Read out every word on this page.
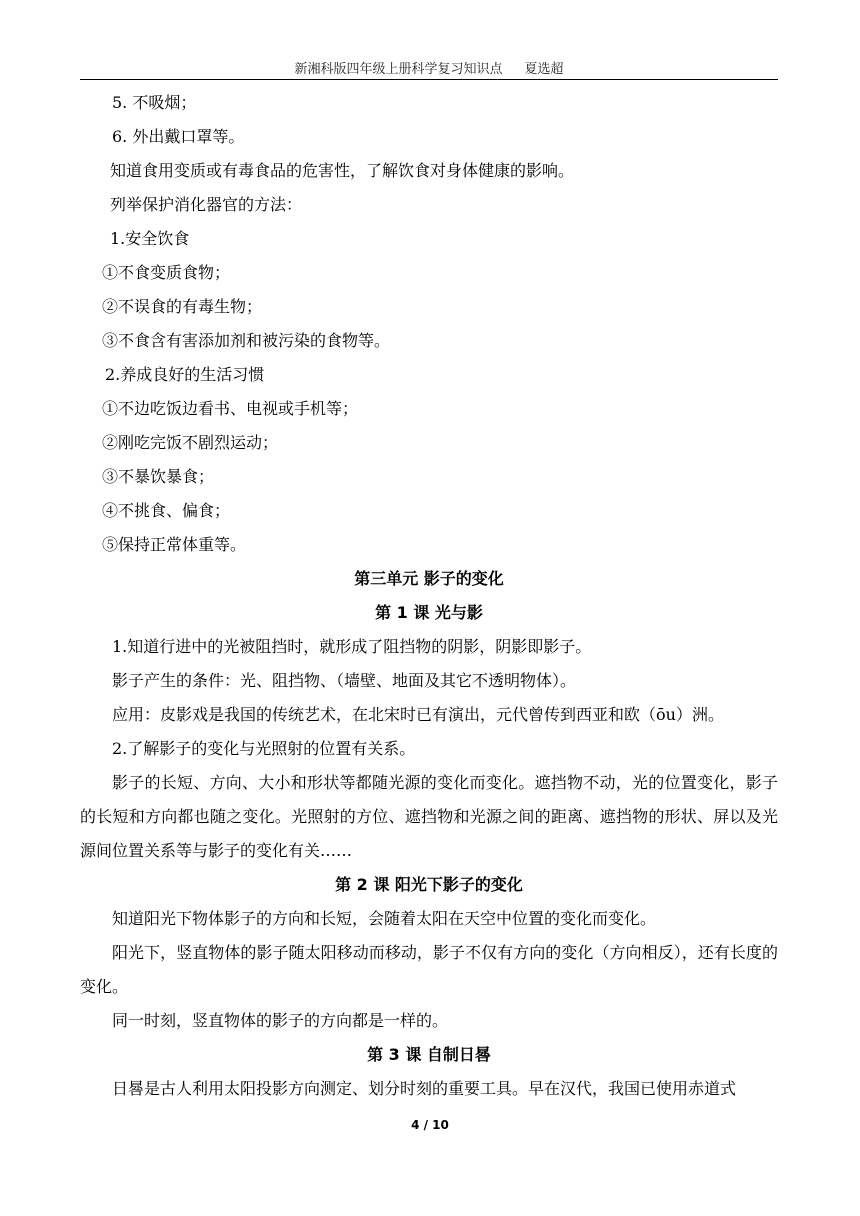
新湘科版四年级上册科学复习知识点 夏选超

5. 不吸烟；

6. 外出戴口罩等。

知道食用变质或有毒食品的危害性，了解饮食对身体健康的影响。

列举保护消化器官的方法：

1.安全饮食

①不食变质食物；

②不误食的有毒生物；

③不食含有害添加剂和被污染的食物等。

2.养成良好的生活习惯

①不边吃饭边看书、电视或手机等；

②刚吃完饭不剧烈运动；

③不暴饮暴食；

④不挑食、偏食；

⑤保持正常体重等。

第三单元 影子的变化

第 1 课 光与影

1.知道行进中的光被阻挡时，就形成了阻挡物的阴影，阴影即影子。

影子产生的条件：光、阻挡物、（墙壁、地面及其它不透明物体）。

应用：皮影戏是我国的传统艺术，在北宋时已有演出，元代曾传到西亚和欧（ōu）洲。

2.了解影子的变化与光照射的位置有关系。

影子的长短、方向、大小和形状等都随光源的变化而变化。遮挡物不动，光的位置变化，影子的长短和方向都也随之变化。光照射的方位、遮挡物和光源之间的距离、遮挡物的形状、屏以及光源间位置关系等与影子的变化有关……

第 2 课 阳光下影子的变化

知道阳光下物体影子的方向和长短，会随着太阳在天空中位置的变化而变化。

阳光下，竖直物体的影子随太阳移动而移动，影子不仅有方向的变化（方向相反），还有长度的变化。

同一时刻，竖直物体的影子的方向都是一样的。

第 3 课 自制日晷

日晷是古人利用太阳投影方向测定、划分时刻的重要工具。早在汉代，我国已使用赤道式

4 / 10
